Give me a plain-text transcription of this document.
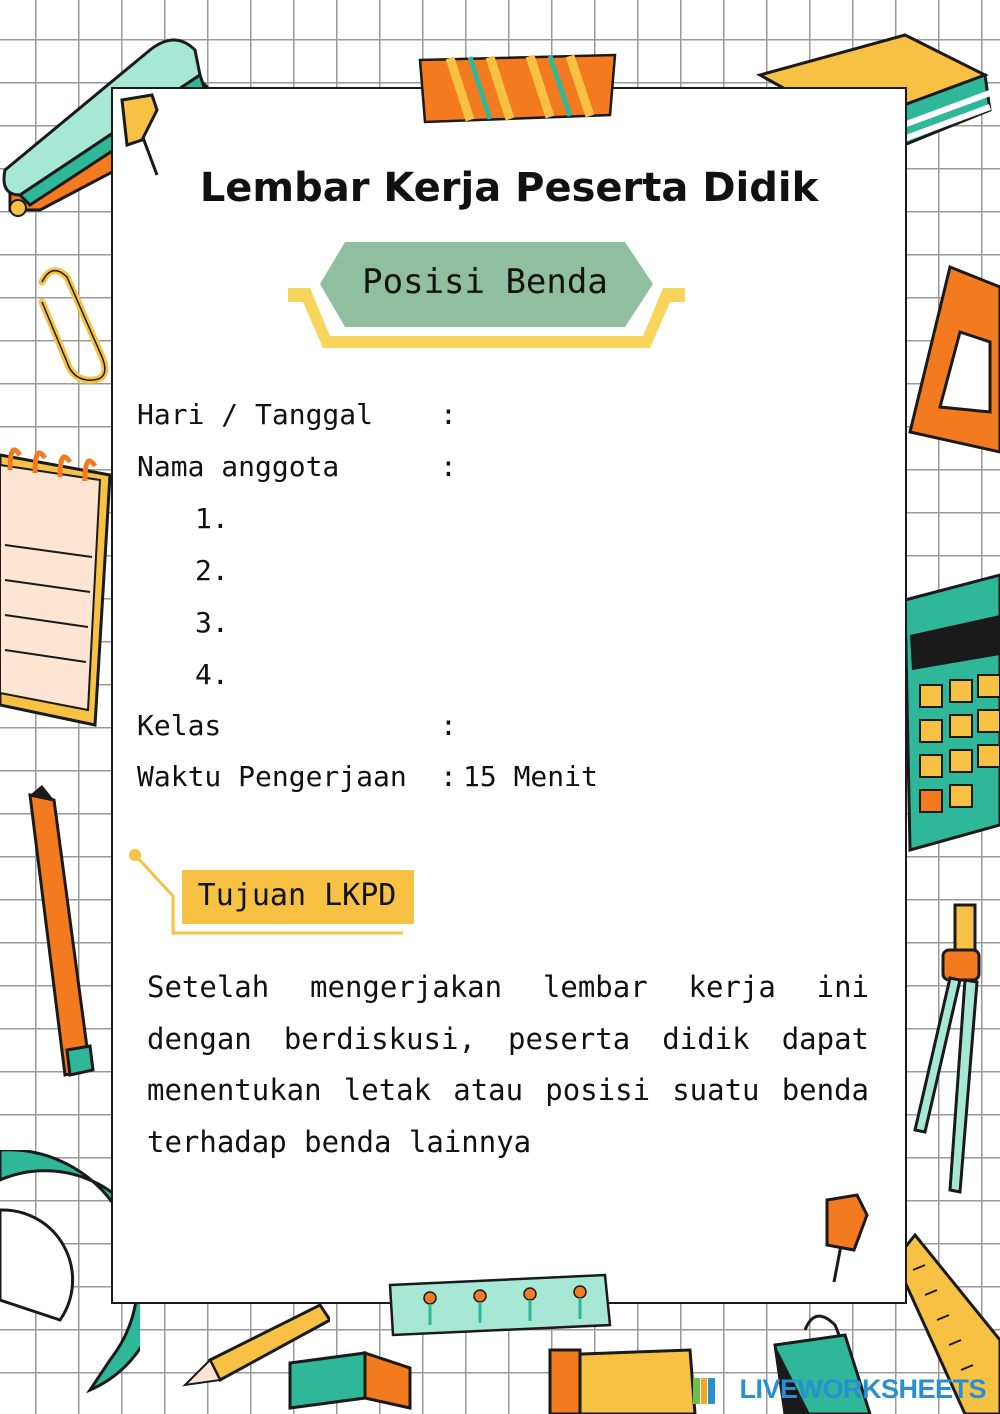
Lembar Kerja Peserta Didik
Posisi Benda
Hari / Tanggal :
Nama anggota	:
1.
2.
3.
4.
Kelas	:
Waktu Pengerjaan : 15 Menit
Tujuan LKPD

Setelah mengerjakan lembar kerja ini dengan berdiskusi, peserta didik dapat menentukan letak atau posisi suatu benda terhadap benda lainnya

LIVEWORKSHEETS
